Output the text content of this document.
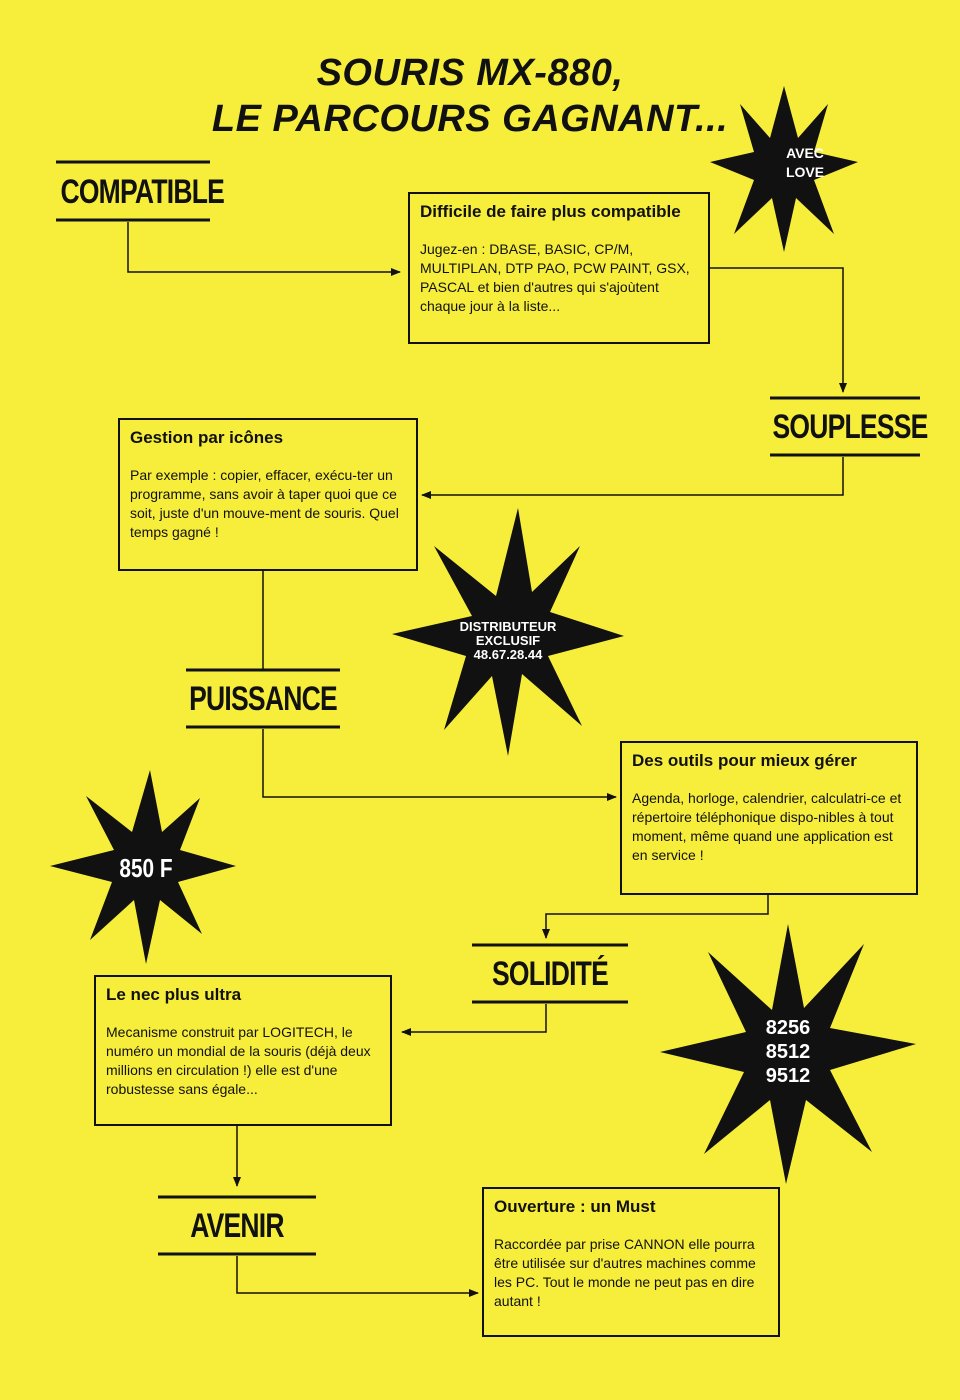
SOURIS MX-880,
LE PARCOURS GAGNANT...
AVEC
LOVE
DISTRIBUTEUR
EXCLUSIF
48.67.28.44
850 F
8256
8512
9512
COMPATIBLE
SOUPLESSE
PUISSANCE
SOLIDITÉ
AVENIR
Difficile de faire plus compatible
Jugez-en : DBASE, BASIC, CP/M, MULTIPLAN, DTP PAO, PCW PAINT, GSX, PASCAL et bien d'autres qui s'ajoùtent chaque jour à la liste...
Gestion par icônes
Par exemple : copier, effacer, exécu-ter un programme, sans avoir à taper quoi que ce soit, juste d'un mouve-ment de souris. Quel temps gagné !
Des outils pour mieux gérer
Agenda, horloge, calendrier, calculatri-ce et répertoire téléphonique dispo-nibles à tout moment, même quand une application est en service !
Le nec plus ultra
Mecanisme construit par LOGITECH, le numéro un mondial de la souris (déjà deux millions en circulation !) elle est d'une robustesse sans égale...
Ouverture : un Must
Raccordée par prise CANNON elle pourra être utilisée sur d'autres machines comme les PC. Tout le monde ne peut pas en dire autant !
